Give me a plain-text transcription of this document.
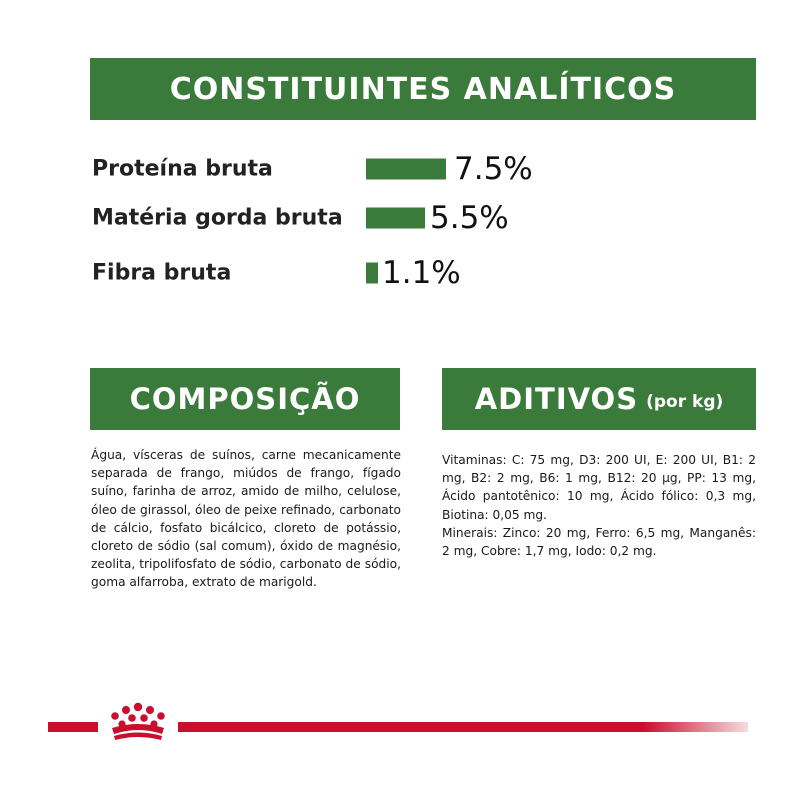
CONSTITUINTES ANALÍTICOS
Proteína bruta	7.5%
Matéria gorda bruta	5.5%
Fibra bruta	1.1%
COMPOSIÇÃO	ADITIVOS (por kg)
Água, vísceras de suínos, carne mecanicamente separada de frango, miúdos de frango, fígado suíno, farinha de arroz, amido de milho, celulose, óleo de girassol, óleo de peixe refinado, carbonato de cálcio, fosfato bicálcico, cloreto de potássio, cloreto de sódio (sal comum), óxido de magnésio, zeolita, tripolifosfato de sódio, carbonato de sódio, goma alfarroba, extrato de marigold.
Vitaminas: C: 75 mg, D3: 200 UI, E: 200 UI, B1: 2 mg, B2: 2 mg, B6: 1 mg, B12: 20 µg, PP: 13 mg, Ácido pantotênico: 10 mg, Ácido fólico: 0,3 mg, Biotina: 0,05 mg.
Minerais: Zinco: 20 mg, Ferro: 6,5 mg, Manganês: 2 mg, Cobre: 1,7 mg, Iodo: 0,2 mg.
